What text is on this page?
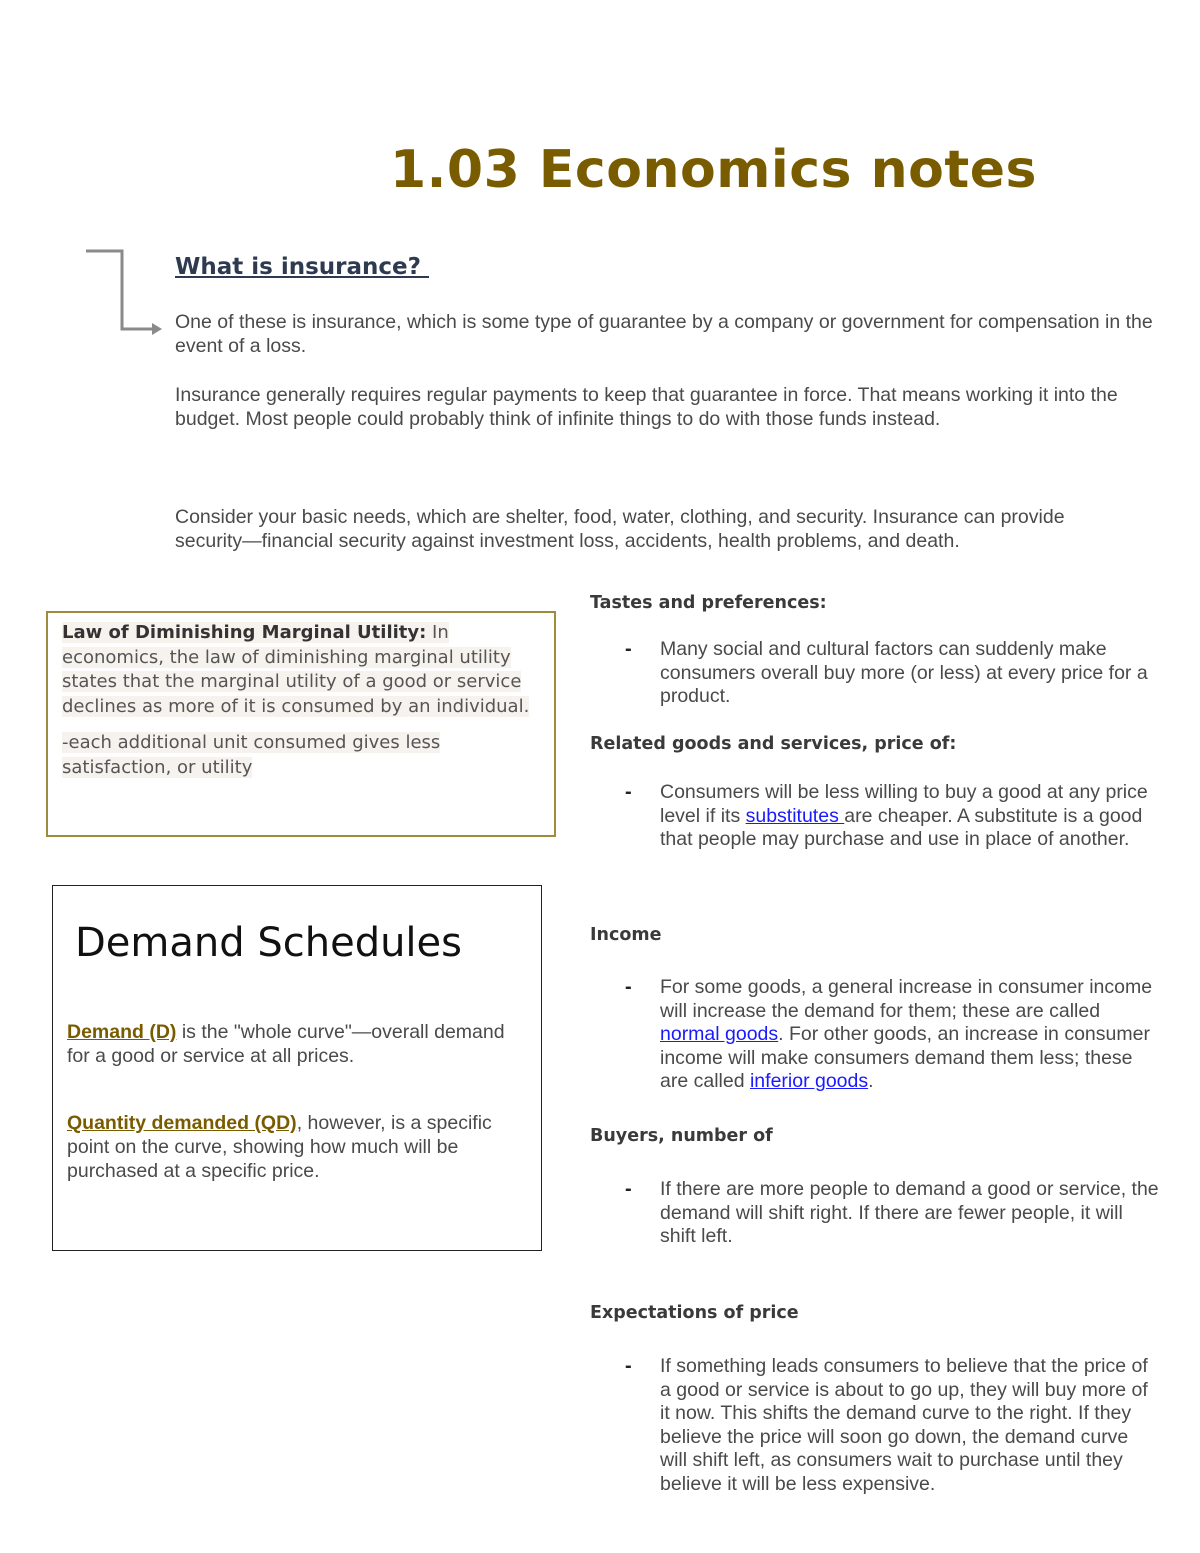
1.03 Economics notes
What is insurance?
One of these is insurance, which is some type of guarantee by a company or government for compensation in the event of a loss.
Insurance generally requires regular payments to keep that guarantee in force. That means working it into the budget. Most people could probably think of infinite things to do with those funds instead.
Consider your basic needs, which are shelter, food, water, clothing, and security. Insurance can provide security—financial security against investment loss, accidents, health problems, and death.

Law of Diminishing Marginal Utility: In economics, the law of diminishing marginal utility states that the marginal utility of a good or service declines as more of it is consumed by an individual.

-each additional unit consumed gives less satisfaction, or utility

Demand Schedules
Demand (D) is the "whole curve"—overall demand for a good or service at all prices.
Quantity demanded (QD), however, is a specific point on the curve, showing how much will be purchased at a specific price.
Tastes and preferences:
- Many social and cultural factors can suddenly make consumers overall buy more (or less) at every price for a product.
Related goods and services, price of:
- Consumers will be less willing to buy a good at any price level if its substitutes are cheaper. A substitute is a good that people may purchase and use in place of another.
Income
- For some goods, a general increase in consumer income will increase the demand for them; these are called normal goods. For other goods, an increase in consumer income will make consumers demand them less; these are called inferior goods.
Buyers, number of
- If there are more people to demand a good or service, the demand will shift right. If there are fewer people, it will shift left.
Expectations of price
- If something leads consumers to believe that the price of a good or service is about to go up, they will buy more of it now. This shifts the demand curve to the right. If they believe the price will soon go down, the demand curve will shift left, as consumers wait to purchase until they believe it will be less expensive.
